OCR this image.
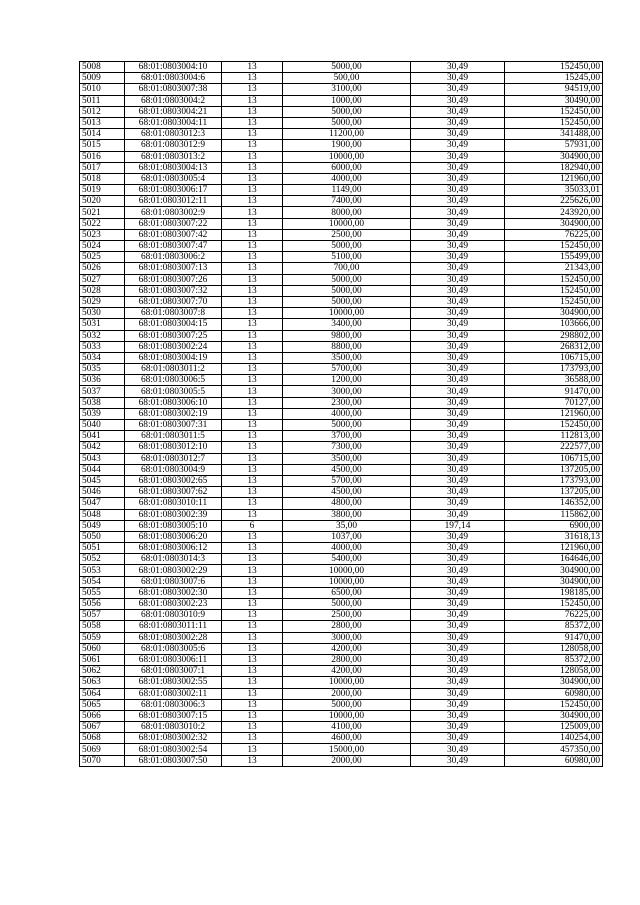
5008	68:01:0803004:10	13	5000,00	30,49	152450,00
5009	68:01:0803004:6	13	500,00	30,49	15245,00
5010	68:01:0803007:38	13	3100,00	30,49	94519,00
5011	68:01:0803004:2	13	1000,00	30,49	30490,00
5012	68:01:0803004:21	13	5000,00	30,49	152450,00
5013	68:01:0803004:11	13	5000,00	30,49	152450,00
5014	68:01:0803012:3	13	11200,00	30,49	341488,00
5015	68:01:0803012:9	13	1900,00	30,49	57931,00
5016	68:01:0803013:2	13	10000,00	30,49	304900,00
5017	68:01:0803004:13	13	6000,00	30,49	182940,00
5018	68:01:0803005:4	13	4000,00	30,49	121960,00
5019	68:01:0803006:17	13	1149,00	30,49	35033,01
5020	68:01:0803012:11	13	7400,00	30,49	225626,00
5021	68:01:0803002:9	13	8000,00	30,49	243920,00
5022	68:01:0803007:22	13	10000,00	30,49	304900,00
5023	68:01:0803007:42	13	2500,00	30,49	76225,00
5024	68:01:0803007:47	13	5000,00	30,49	152450,00
5025	68:01:0803006:2	13	5100,00	30,49	155499,00
5026	68:01:0803007:13	13	700,00	30,49	21343,00
5027	68:01:0803007:26	13	5000,00	30,49	152450,00
5028	68:01:0803007:32	13	5000,00	30,49	152450,00
5029	68:01:0803007:70	13	5000,00	30,49	152450,00
5030	68:01:0803007:8	13	10000,00	30,49	304900,00
5031	68:01:0803004:15	13	3400,00	30,49	103666,00
5032	68:01:0803007:25	13	9800,00	30,49	298802,00
5033	68:01:0803002:24	13	8800,00	30,49	268312,00
5034	68:01:0803004:19	13	3500,00	30,49	106715,00
5035	68:01:0803011:2	13	5700,00	30,49	173793,00
5036	68:01:0803006:5	13	1200,00	30,49	36588,00
5037	68:01:0803005:5	13	3000,00	30,49	91470,00
5038	68:01:0803006:10	13	2300,00	30,49	70127,00
5039	68:01:0803002:19	13	4000,00	30,49	121960,00
5040	68:01:0803007:31	13	5000,00	30,49	152450,00
5041	68:01:0803011:5	13	3700,00	30,49	112813,00
5042	68:01:0803012:10	13	7300,00	30,49	222577,00
5043	68:01:0803012:7	13	3500,00	30,49	106715,00
5044	68:01:0803004:9	13	4500,00	30,49	137205,00
5045	68:01:0803002:65	13	5700,00	30,49	173793,00
5046	68:01:0803007:62	13	4500,00	30,49	137205,00
5047	68:01:0803010:11	13	4800,00	30,49	146352,00
5048	68:01:0803002:39	13	3800,00	30,49	115862,00
5049	68:01:0803005:10	6	35,00	197,14	6900,00
5050	68:01:0803006:20	13	1037,00	30,49	31618,13
5051	68:01:0803006:12	13	4000,00	30,49	121960,00
5052	68:01:0803014:3	13	5400,00	30,49	164646,00
5053	68:01:0803002:29	13	10000,00	30,49	304900,00
5054	68:01:0803007:6	13	10000,00	30,49	304900,00
5055	68:01:0803002:30	13	6500,00	30,49	198185,00
5056	68:01:0803002:23	13	5000,00	30,49	152450,00
5057	68:01:0803010:9	13	2500,00	30,49	76225,00
5058	68:01:0803011:11	13	2800,00	30,49	85372,00
5059	68:01:0803002:28	13	3000,00	30,49	91470,00
5060	68:01:0803005:6	13	4200,00	30,49	128058,00
5061	68:01:0803006:11	13	2800,00	30,49	85372,00
5062	68:01:0803007:1	13	4200,00	30,49	128058,00
5063	68:01:0803002:55	13	10000,00	30,49	304900,00
5064	68:01:0803002:11	13	2000,00	30,49	60980,00
5065	68:01:0803006:3	13	5000,00	30,49	152450,00
5066	68:01:0803007:15	13	10000,00	30,49	304900,00
5067	68:01:0803010:2	13	4100,00	30,49	125009,00
5068	68:01:0803002:32	13	4600,00	30,49	140254,00
5069	68:01:0803002:54	13	15000,00	30,49	457350,00
5070	68:01:0803007:50	13	2000,00	30,49	60980,00
